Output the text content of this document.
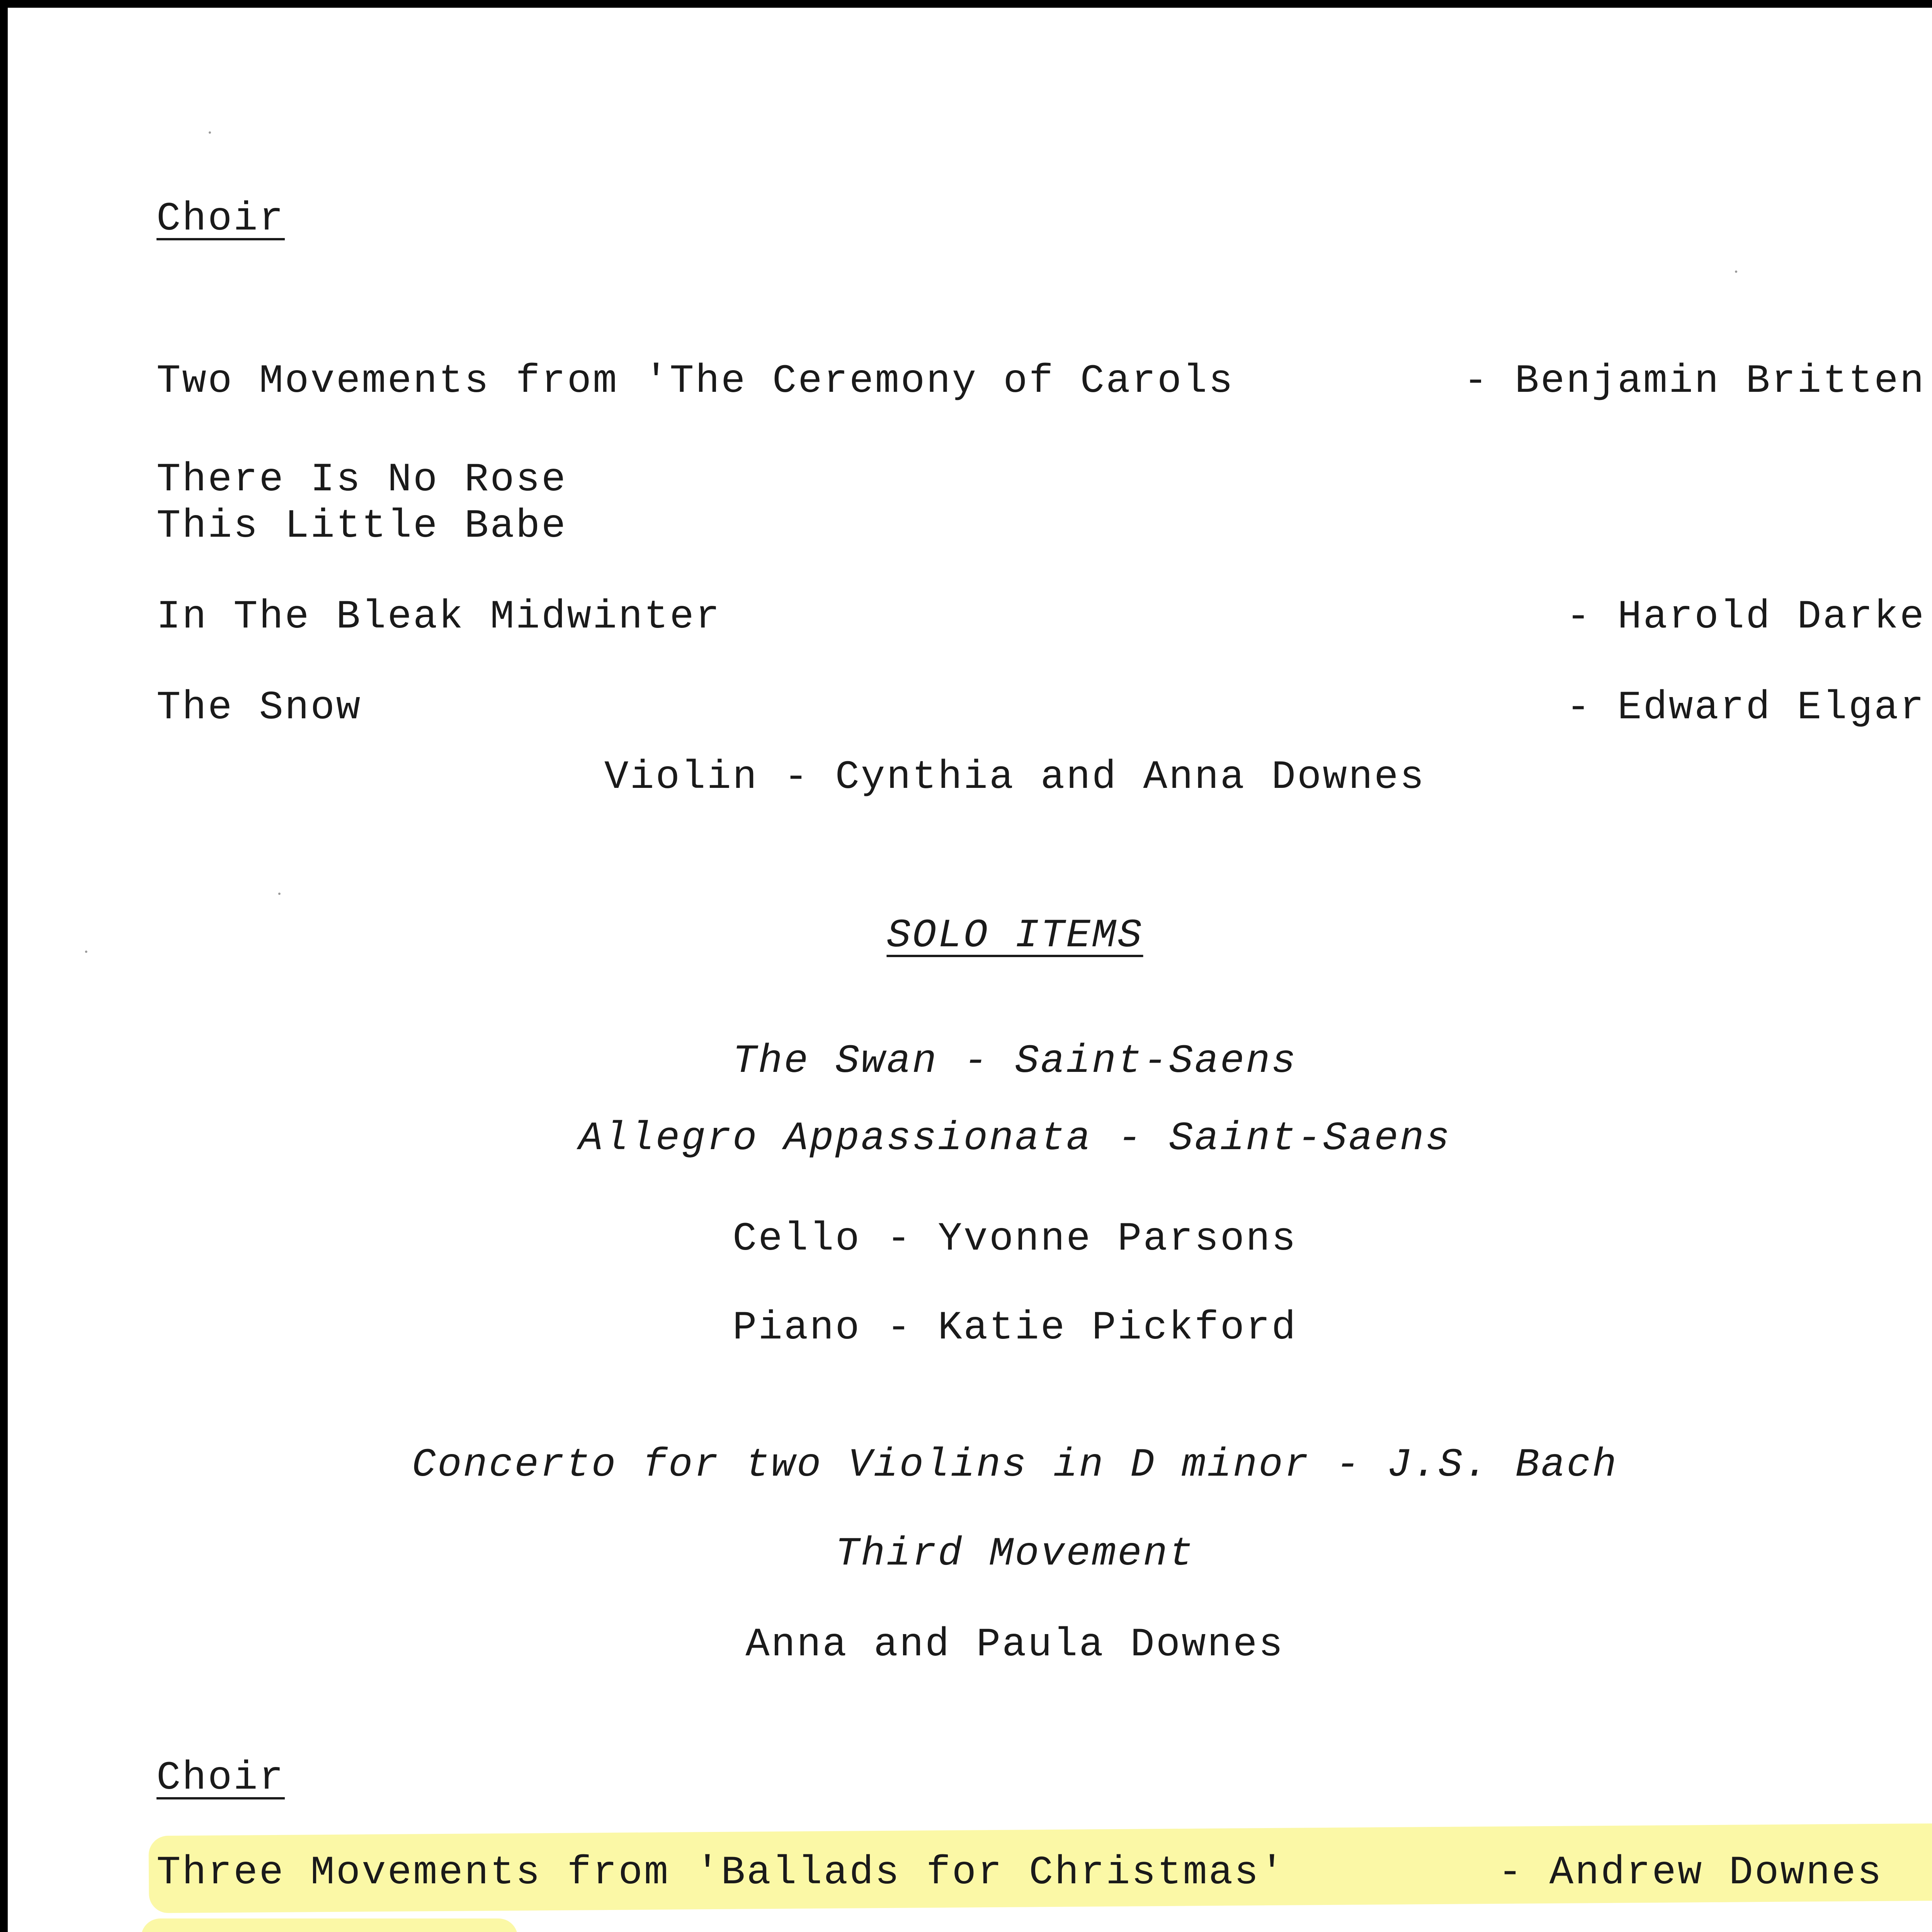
Choir
Two Movements from 'The Ceremony of Carols	- Benjamin Britten
There Is No Rose
This Little Babe
In The Bleak Midwinter	- Harold Darke
The Snow	- Edward Elgar
Violin - Cynthia and Anna Downes
SOLO ITEMS
The Swan - Saint-Saens
Allegro Appassionata - Saint-Saens
Cello - Yvonne Parsons
Piano - Katie Pickford
Concerto for two Violins in D minor - J.S. Bach
Third Movement
Anna and Paula Downes
Choir
Three Movements from 'Ballads for Christmas'	- Andrew Downes
